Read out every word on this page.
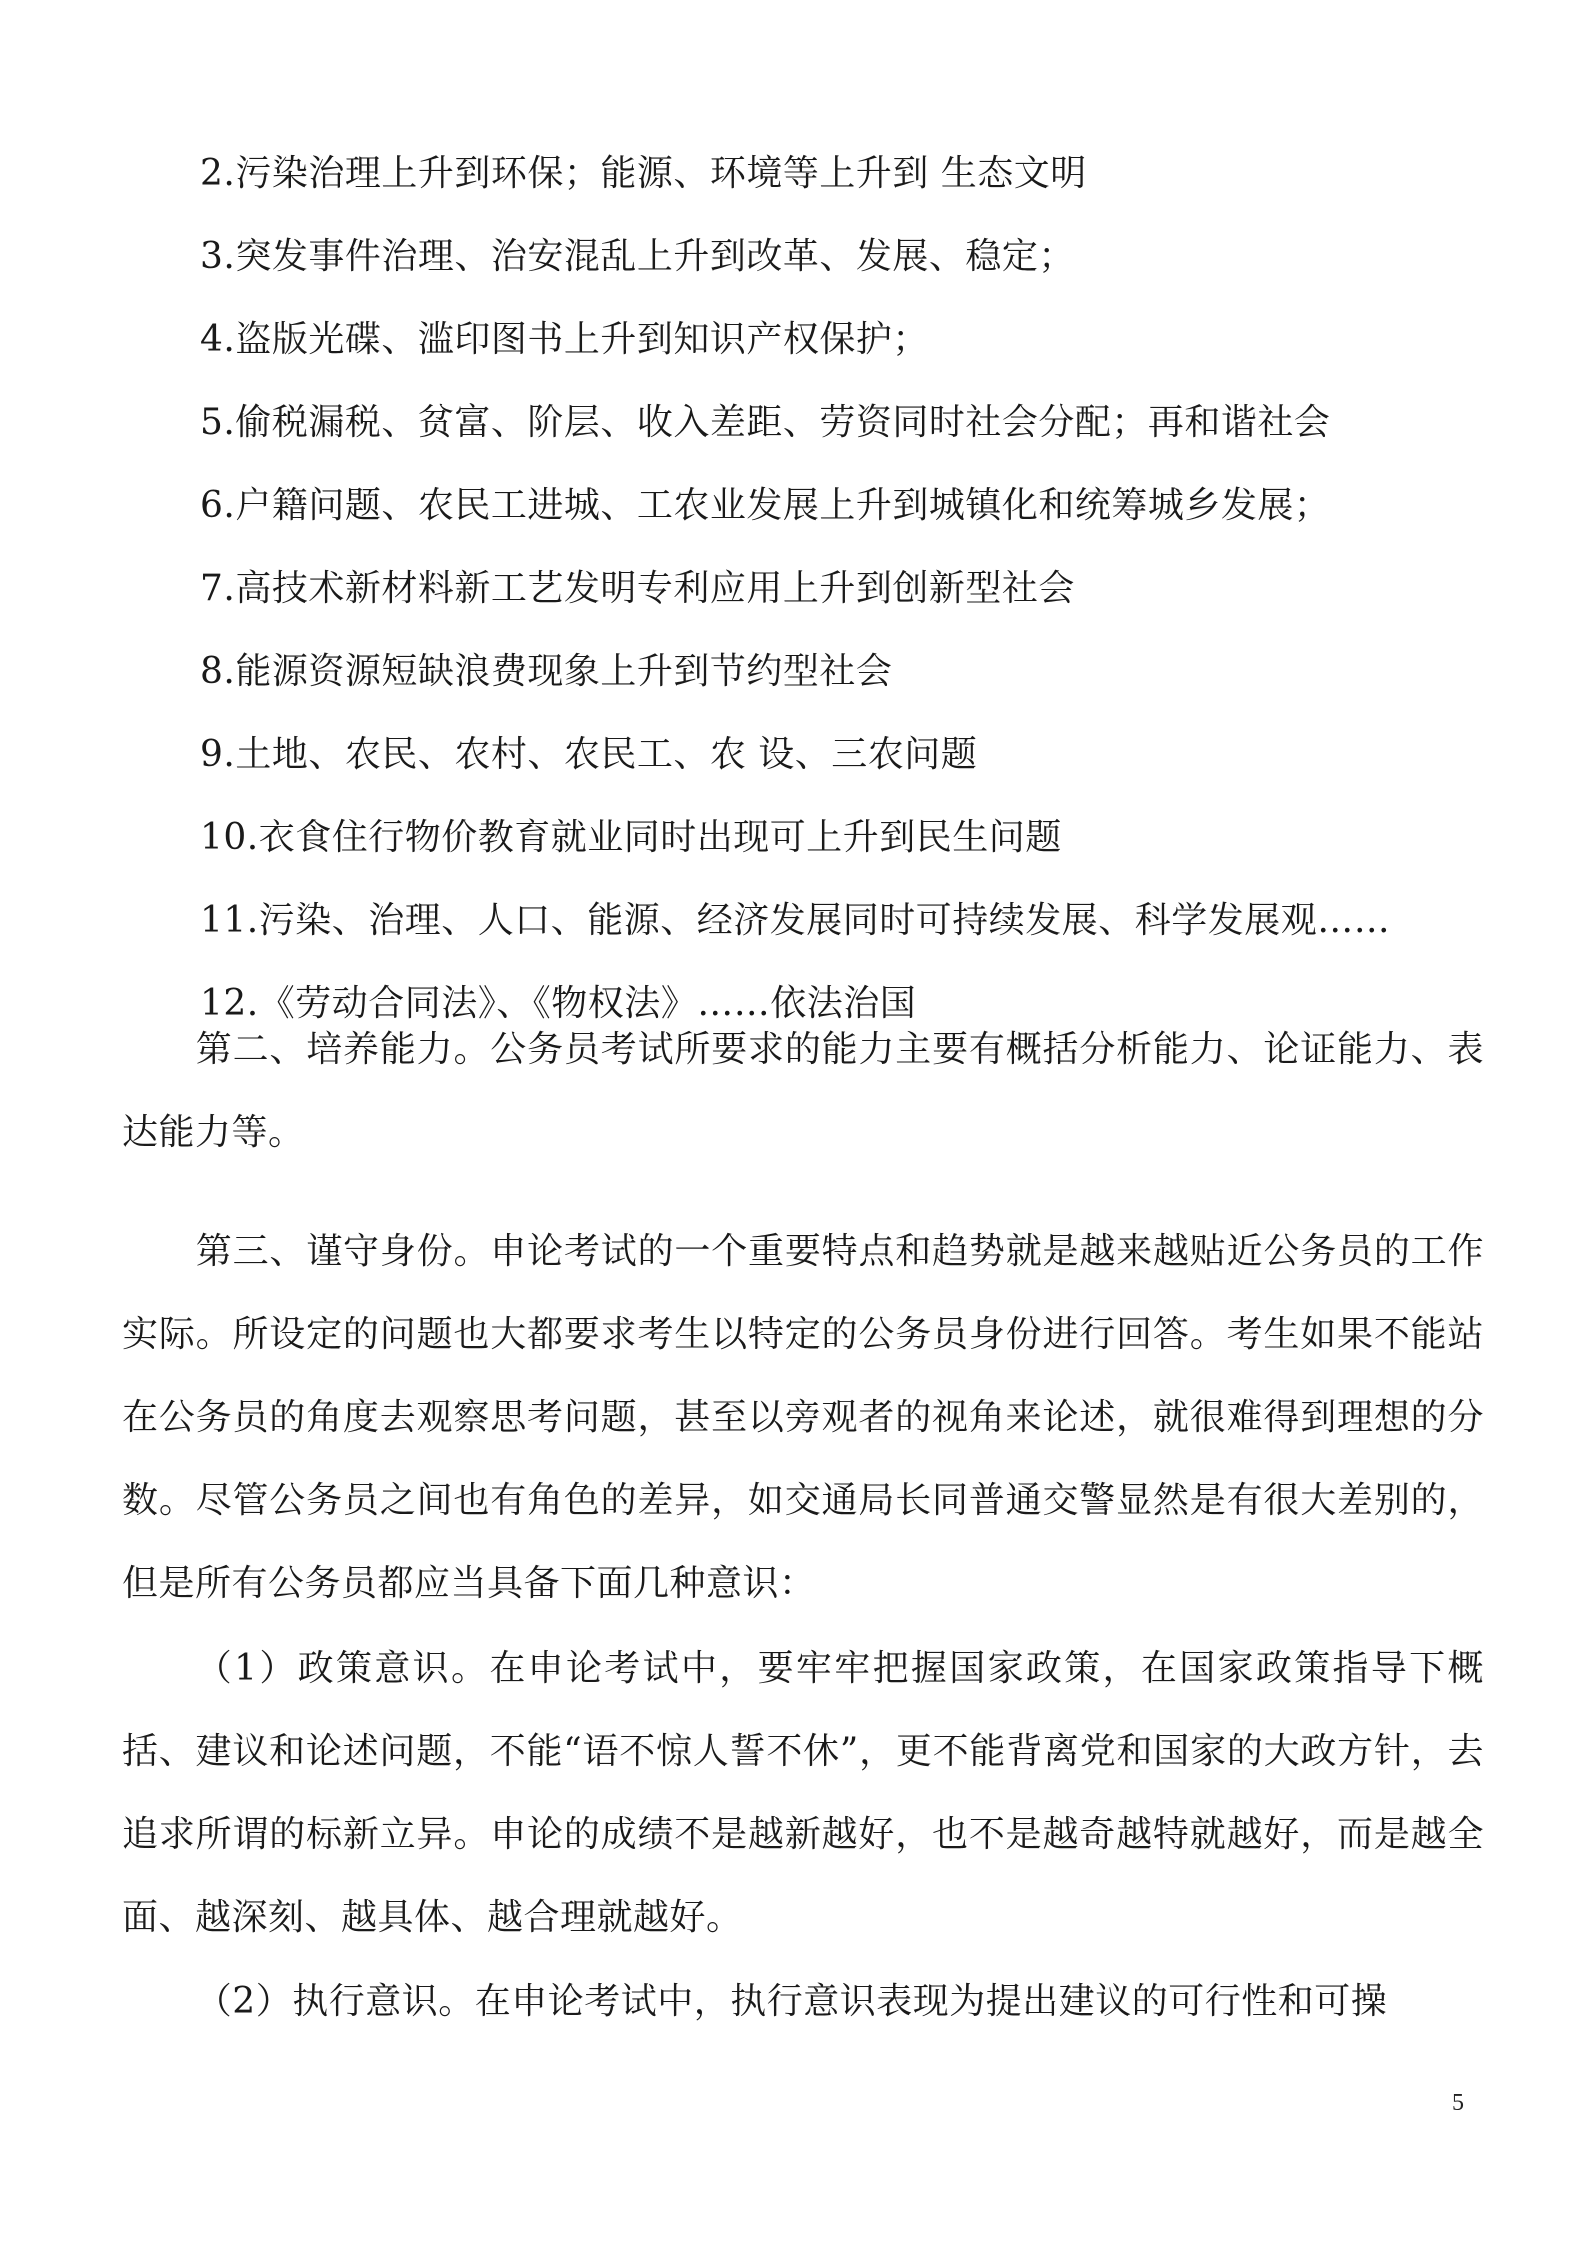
2.污染治理上升到环保；能源、环境等上升到 生态文明
3.突发事件治理、治安混乱上升到改革、发展、稳定；
4.盗版光碟、滥印图书上升到知识产权保护；
5.偷税漏税、贫富、阶层、收入差距、劳资同时社会分配；再和谐社会
6.户籍问题、农民工进城、工农业发展上升到城镇化和统筹城乡发展；
7.高技术新材料新工艺发明专利应用上升到创新型社会
8.能源资源短缺浪费现象上升到节约型社会
9.土地、农民、农村、农民工、农 设、三农问题
10.衣食住行物价教育就业同时出现可上升到民生问题
11.污染、治理、人口、能源、经济发展同时可持续发展、科学发展观……
12.《劳动合同法》、《物权法》……依法治国

第二、培养能力。公务员考试所要求的能力主要有概括分析能力、论证能力、表达能力等。

第三、谨守身份。申论考试的一个重要特点和趋势就是越来越贴近公务员的工作实际。所设定的问题也大都要求考生以特定的公务员身份进行回答。考生如果不能站在公务员的角度去观察思考问题，甚至以旁观者的视角来论述，就很难得到理想的分数。尽管公务员之间也有角色的差异，如交通局长同普通交警显然是有很大差别的，但是所有公务员都应当具备下面几种意识：

（1）政策意识。在申论考试中，要牢牢把握国家政策，在国家政策指导下概括、建议和论述问题，不能“语不惊人誓不休”，更不能背离党和国家的大政方针，去追求所谓的标新立异。申论的成绩不是越新越好，也不是越奇越特就越好，而是越全面、越深刻、越具体、越合理就越好。

（2）执行意识。在申论考试中，执行意识表现为提出建议的可行性和可操

5
